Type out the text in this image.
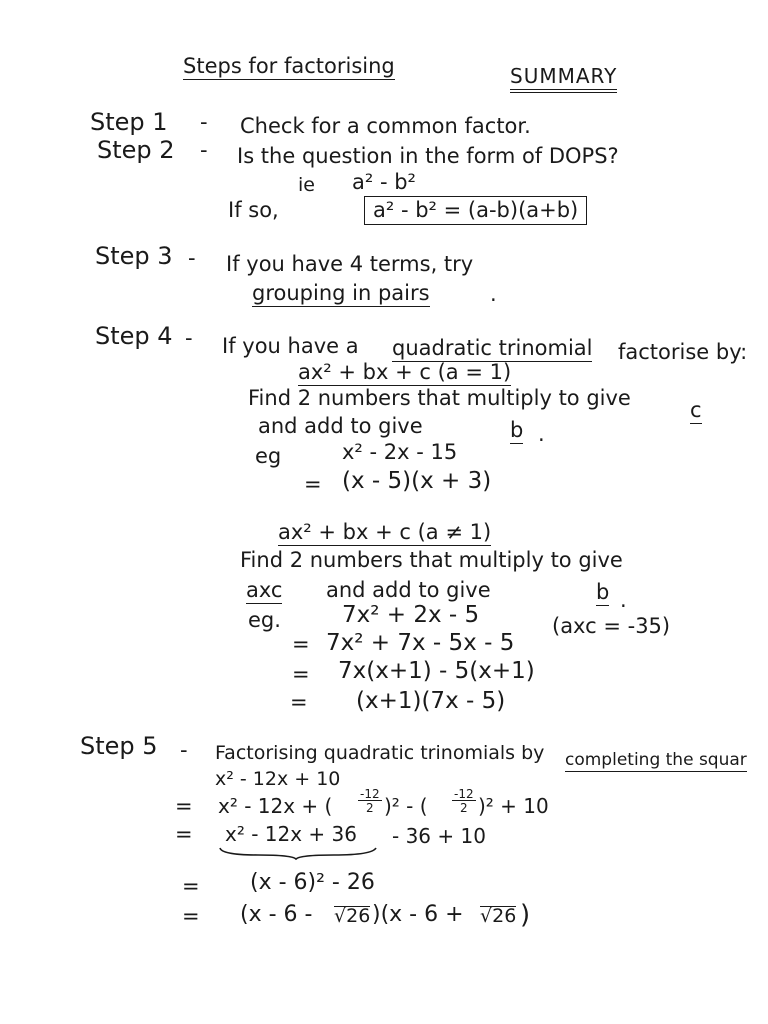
Steps for factorising	SUMMARY
Step 1 - Check for a common factor.
Step 2 - Is the question in the form of DOPS?
ie a² - b²
If so,	a² - b² = (a-b)(a+b)
Step 3 - If you have 4 terms, try
grouping in pairs	.
Step 4 - If you have a quadratic trinomial factorise by:
ax² + bx + c (a = 1)
Find 2 numbers that multiply to give	c
and add to give	b .
eg	x² - 2x - 15
= (x - 5)(x + 3)
ax² + bx + c (a ≠ 1)
Find 2 numbers that multiply to give
axc and add to give	b .
eg.	7x² + 2x - 5	(axc = -35)
= 7x² + 7x - 5x - 5
= 7x(x+1) - 5(x+1)
= (x+1)(7x - 5)
Step 5 - Factorising quadratic trinomials by completing the squar
x² - 12x + 10
= x² - 12x + ( $\frac{-12}{2} )^2$ - ( $\frac{-12}{2} )^2 + 10$
= x² - 12x + 36 - 36 + 10
= (x - 6)² - 26
= (x - 6 - √26 )(x - 6 + √26 )
